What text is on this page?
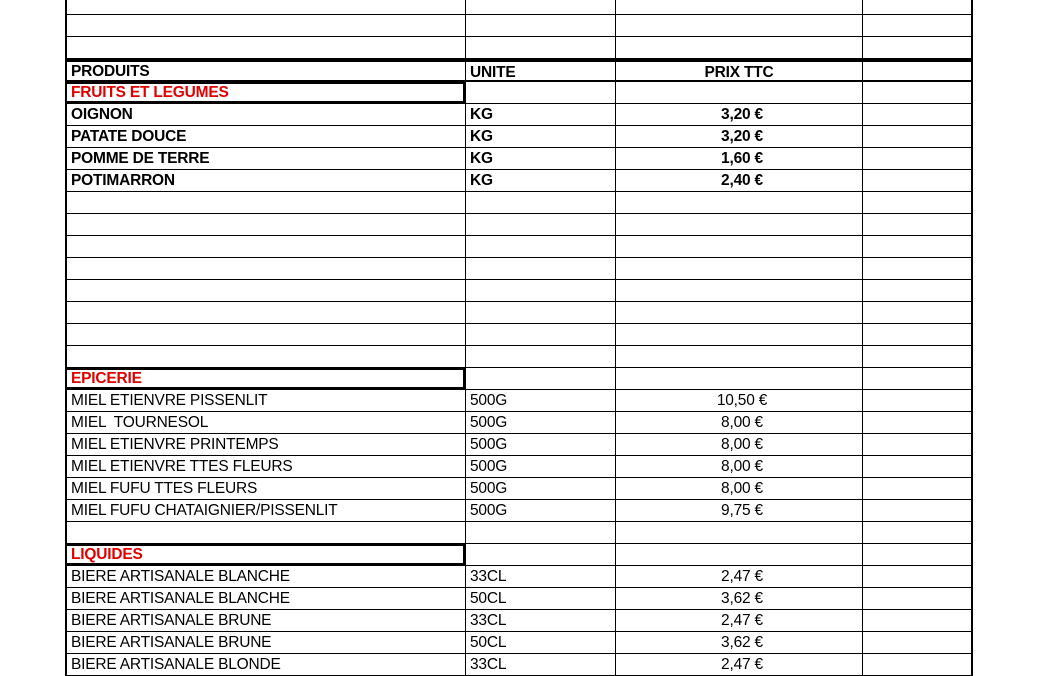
PRODUITS	UNITE	PRIX TTC
FRUITS ET LEGUMES
OIGNON	KG	3,20 €
PATATE DOUCE	KG	3,20 €
POMME DE TERRE	KG	1,60 €
POTIMARRON	KG	2,40 €
EPICERIE
MIEL ETIENVRE PISSENLIT	500G	10,50 €
MIEL  TOURNESOL	500G	8,00 €
MIEL ETIENVRE PRINTEMPS	500G	8,00 €
MIEL ETIENVRE TTES FLEURS	500G	8,00 €
MIEL FUFU TTES FLEURS	500G	8,00 €
MIEL FUFU CHATAIGNIER/PISSENLIT	500G	9,75 €
LIQUIDES
BIERE ARTISANALE BLANCHE	33CL	2,47 €
BIERE ARTISANALE BLANCHE	50CL	3,62 €
BIERE ARTISANALE BRUNE	33CL	2,47 €
BIERE ARTISANALE BRUNE	50CL	3,62 €
BIERE ARTISANALE BLONDE	33CL	2,47 €
